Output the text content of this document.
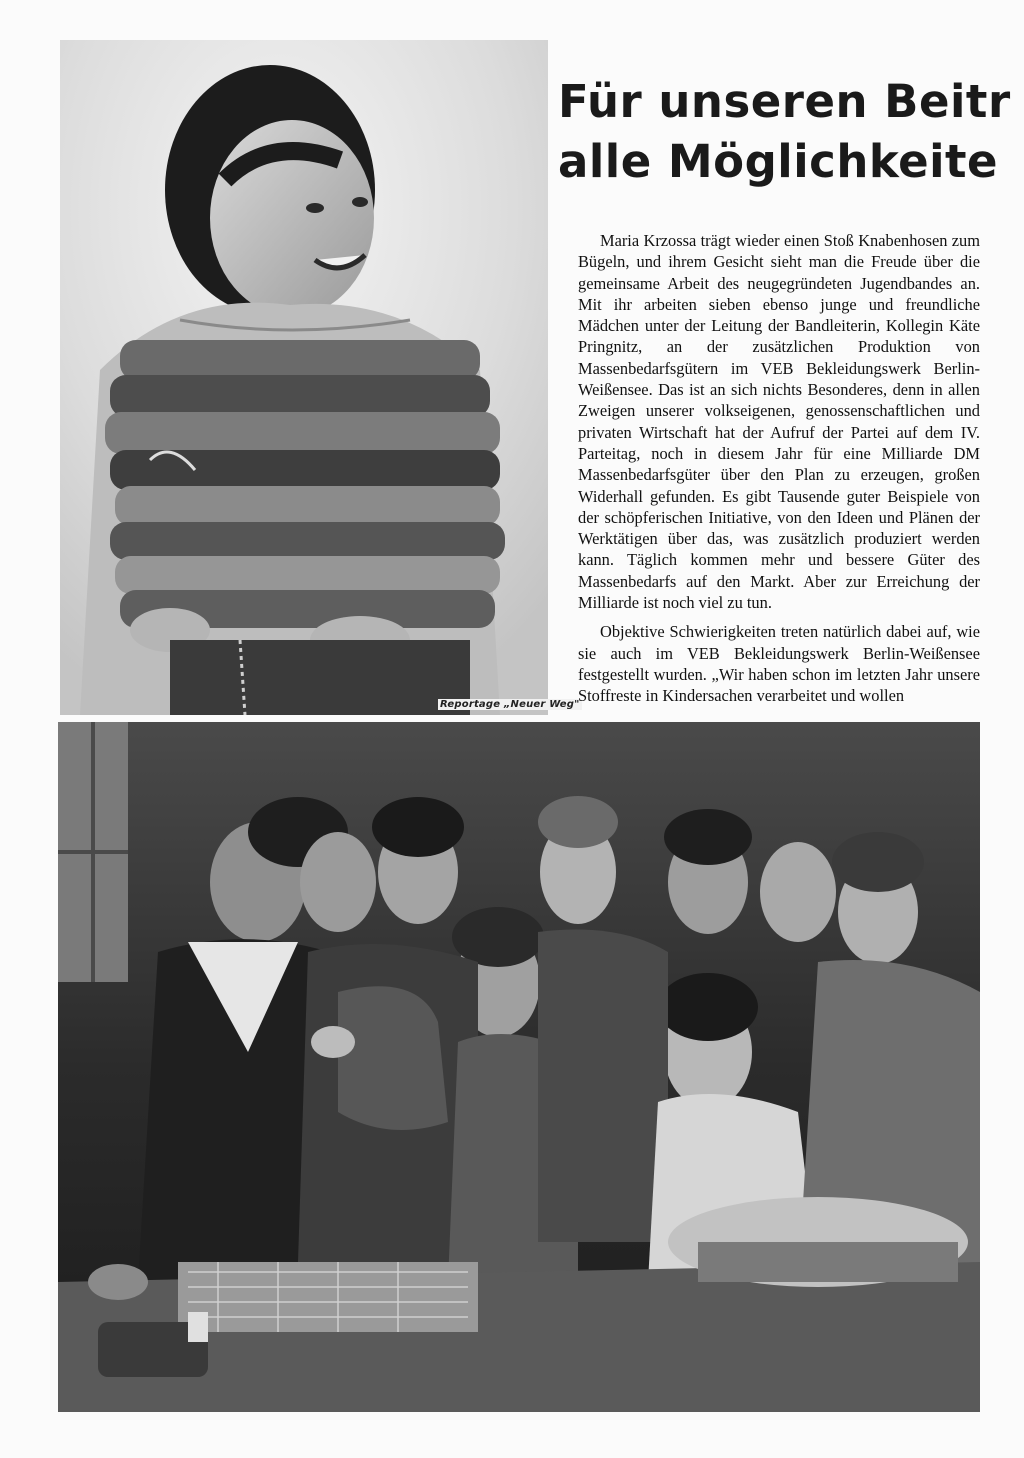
Reportage „Neuer Weg"
Für unseren Beitr
alle Möglichkeite

Maria Krzossa trägt wieder einen Stoß Knabenhosen zum Bügeln, und ihrem Gesicht sieht man die Freude über die gemeinsame Arbeit des neugegründeten Jugendbandes an. Mit ihr arbeiten sieben ebenso junge und freundliche Mädchen unter der Leitung der Bandleiterin, Kollegin Käte Pringnitz, an der zusätzlichen Produktion von Massenbedarfsgütern im VEB Bekleidungswerk Berlin-Weißensee. Das ist an sich nichts Besonderes, denn in allen Zweigen unserer volkseigenen, genossenschaftlichen und privaten Wirtschaft hat der Aufruf der Partei auf dem IV. Parteitag, noch in diesem Jahr für eine Milliarde DM Massenbedarfsgüter über den Plan zu erzeugen, großen Widerhall gefunden. Es gibt Tausende guter Beispiele von der schöpferischen Initiative, von den Ideen und Plänen der Werktätigen über das, was zusätzlich produziert werden kann. Täglich kommen mehr und bessere Güter des Massenbedarfs auf den Markt. Aber zur Erreichung der Milliarde ist noch viel zu tun.

Objektive Schwierigkeiten treten natürlich dabei auf, wie sie auch im VEB Bekleidungswerk Berlin-Weißensee festgestellt wurden. „Wir haben schon im letzten Jahr unsere Stoffreste in Kindersachen verarbeitet und wollen
